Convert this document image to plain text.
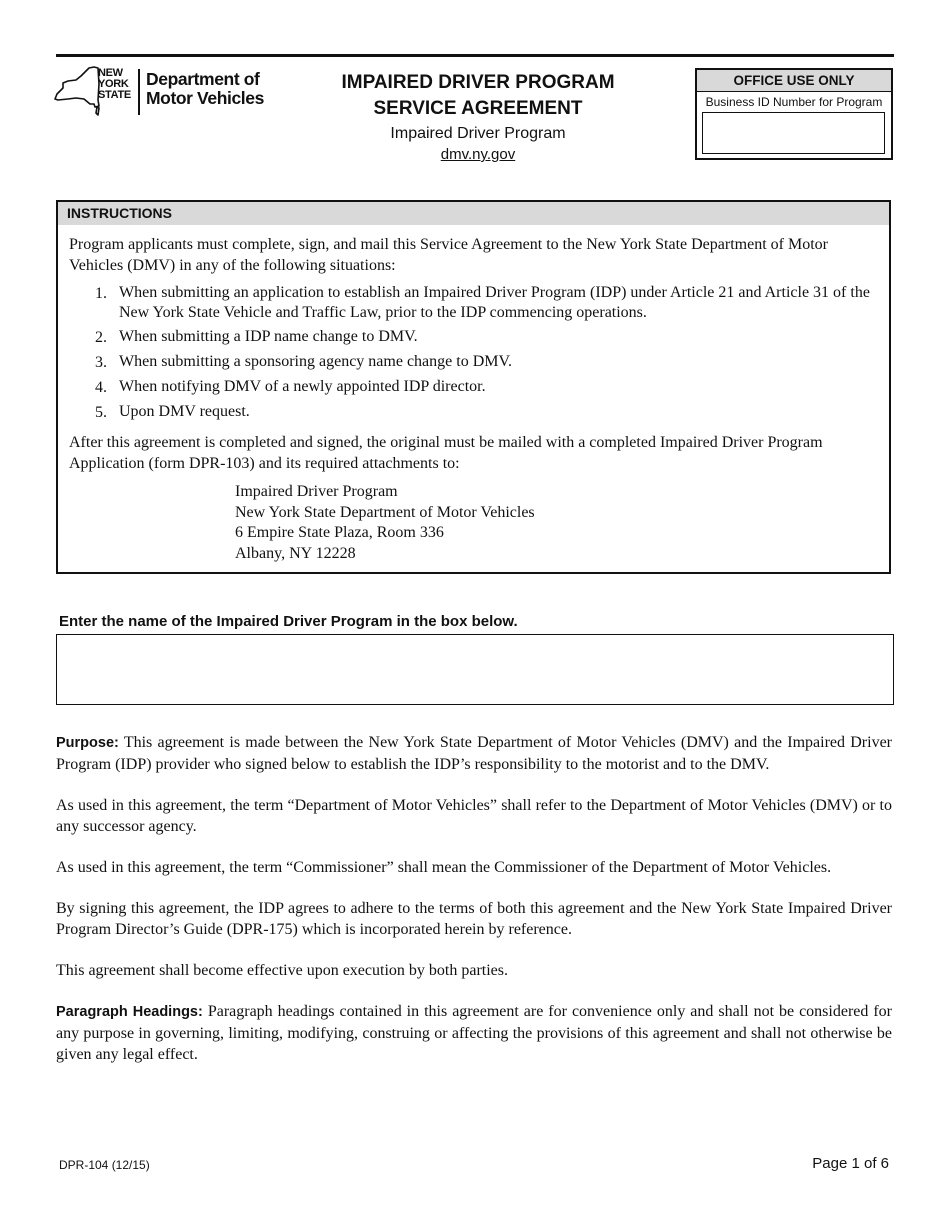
NEW
YORK
STATE
Department of
Motor Vehicles
IMPAIRED DRIVER PROGRAM
SERVICE AGREEMENT
Impaired Driver Program
dmv.ny.gov
OFFICE USE ONLY
Business ID Number for Program
INSTRUCTIONS

Program applicants must complete, sign, and mail this Service Agreement to the New York State Department of Motor Vehicles (DMV) in any of the following situations:

1. When submitting an application to establish an Impaired Driver Program (IDP) under Article 21 and Article 31 of the New York State Vehicle and Traffic Law, prior to the IDP commencing operations.
2. When submitting a IDP name change to DMV.
3. When submitting a sponsoring agency name change to DMV.
4. When notifying DMV of a newly appointed IDP director.
5. Upon DMV request.

After this agreement is completed and signed, the original must be mailed with a completed Impaired Driver Program Application (form DPR-103) and its required attachments to:

Impaired Driver Program
New York State Department of Motor Vehicles
6 Empire State Plaza, Room 336
Albany, NY 12228
Enter the name of the Impaired Driver Program in the box below.

Purpose: This agreement is made between the New York State Department of Motor Vehicles (DMV) and the Impaired Driver Program (IDP) provider who signed below to establish the IDP’s responsibility to the motorist and to the DMV.

As used in this agreement, the term “Department of Motor Vehicles” shall refer to the Department of Motor Vehicles (DMV) or to any successor agency.

As used in this agreement, the term “Commissioner” shall mean the Commissioner of the Department of Motor Vehicles.

By signing this agreement, the IDP agrees to adhere to the terms of both this agreement and the New York State Impaired Driver Program Director’s Guide (DPR-175) which is incorporated herein by reference.

This agreement shall become effective upon execution by both parties.

Paragraph Headings: Paragraph headings contained in this agreement are for convenience only and shall not be considered for any purpose in governing, limiting, modifying, construing or affecting the provisions of this agreement and shall not otherwise be given any legal effect.

DPR-104 (12/15)	Page 1 of 6
